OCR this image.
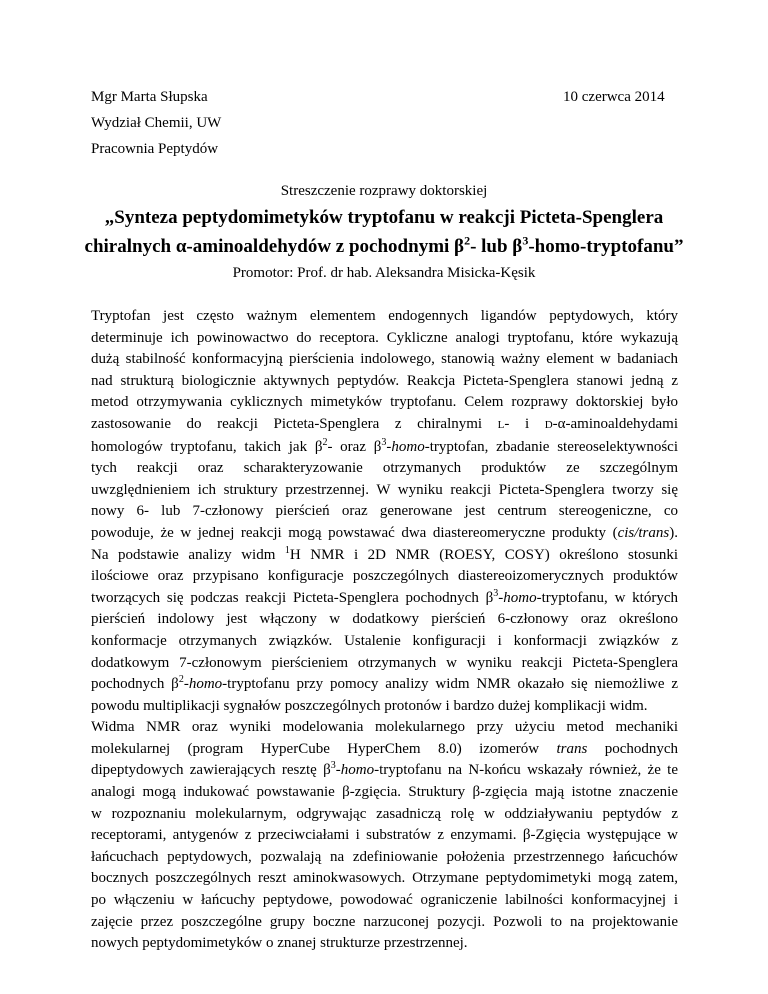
Mgr Marta Słupska	10 czerwca 2014
Wydział Chemii, UW
Pracownia Peptydów
Streszczenie rozprawy doktorskiej
„Synteza peptydomimetyków tryptofanu w reakcji Picteta-Spenglera
chiralnych α-aminoaldehydów z pochodnymi $\beta^2-$ lub $\beta^3-homo$-tryptofanu”
Promotor: Prof. dr hab. Aleksandra Misicka-Kęsik
Tryptofan jest często ważnym elementem endogennych ligandów peptydowych, który
determinuje ich powinowactwo do receptora. Cykliczne analogi tryptofanu, które wykazują
dużą stabilność konformacyjną pierścienia indolowego, stanowią ważny element w badaniach
nad strukturą biologicznie aktywnych peptydów. Reakcja Picteta-Spenglera stanowi jedną z
metod otrzymywania cyklicznych mimetyków tryptofanu. Celem rozprawy doktorskiej było
zastosowanie do reakcji Picteta-Spenglera z chiralnymi L- i D-α-aminoaldehydami
homologów tryptofanu, takich jak $\beta^2-$ oraz $\beta^3-homo$-tryptofan, zbadanie stereoselektywności
tych reakcji oraz scharakteryzowanie otrzymanych produktów ze szczególnym
uwzględnieniem ich struktury przestrzennej. W wyniku reakcji Picteta-Spenglera tworzy się
nowy 6- lub 7-członowy pierścień oraz generowane jest centrum stereogeniczne, co
powoduje, że w jednej reakcji mogą powstawać dwa diastereomeryczne produkty (cis/trans).
Na podstawie analizy widm $^1$H NMR i 2D NMR (ROESY, COSY) określono stosunki
ilościowe oraz przypisano konfiguracje poszczególnych diastereoizomerycznych produktów
tworzących się podczas reakcji Picteta-Spenglera pochodnych $\beta^3-homo$-tryptofanu, w których
pierścień indolowy jest włączony w dodatkowy pierścień 6-członowy oraz określono
konformacje otrzymanych związków. Ustalenie konfiguracji i konformacji związków z
dodatkowym 7-członowym pierścieniem otrzymanych w wyniku reakcji Picteta-Spenglera
pochodnych $\beta^2-homo$-tryptofanu przy pomocy analizy widm NMR okazało się niemożliwe z
powodu multiplikacji sygnałów poszczególnych protonów i bardzo dużej komplikacji widm.
Widma NMR oraz wyniki modelowania molekularnego przy użyciu metod mechaniki
molekularnej (program HyperCube HyperChem 8.0) izomerów trans pochodnych
dipeptydowych zawierających resztę $\beta^3-homo$-tryptofanu na N-końcu wskazały również, że te
analogi mogą indukować powstawanie β-zgięcia. Struktury β-zgięcia mają istotne znaczenie
w rozpoznaniu molekularnym, odgrywając zasadniczą rolę w oddziaływaniu peptydów z
receptorami, antygenów z przeciwciałami i substratów z enzymami. β-Zgięcia występujące w
łańcuchach peptydowych, pozwalają na zdefiniowanie położenia przestrzennego łańcuchów
bocznych poszczególnych reszt aminokwasowych. Otrzymane peptydomimetyki mogą zatem,
po włączeniu w łańcuchy peptydowe, powodować ograniczenie labilności konformacyjnej i
zajęcie przez poszczególne grupy boczne narzuconej pozycji. Pozwoli to na projektowanie
nowych peptydomimetyków o znanej strukturze przestrzennej.
